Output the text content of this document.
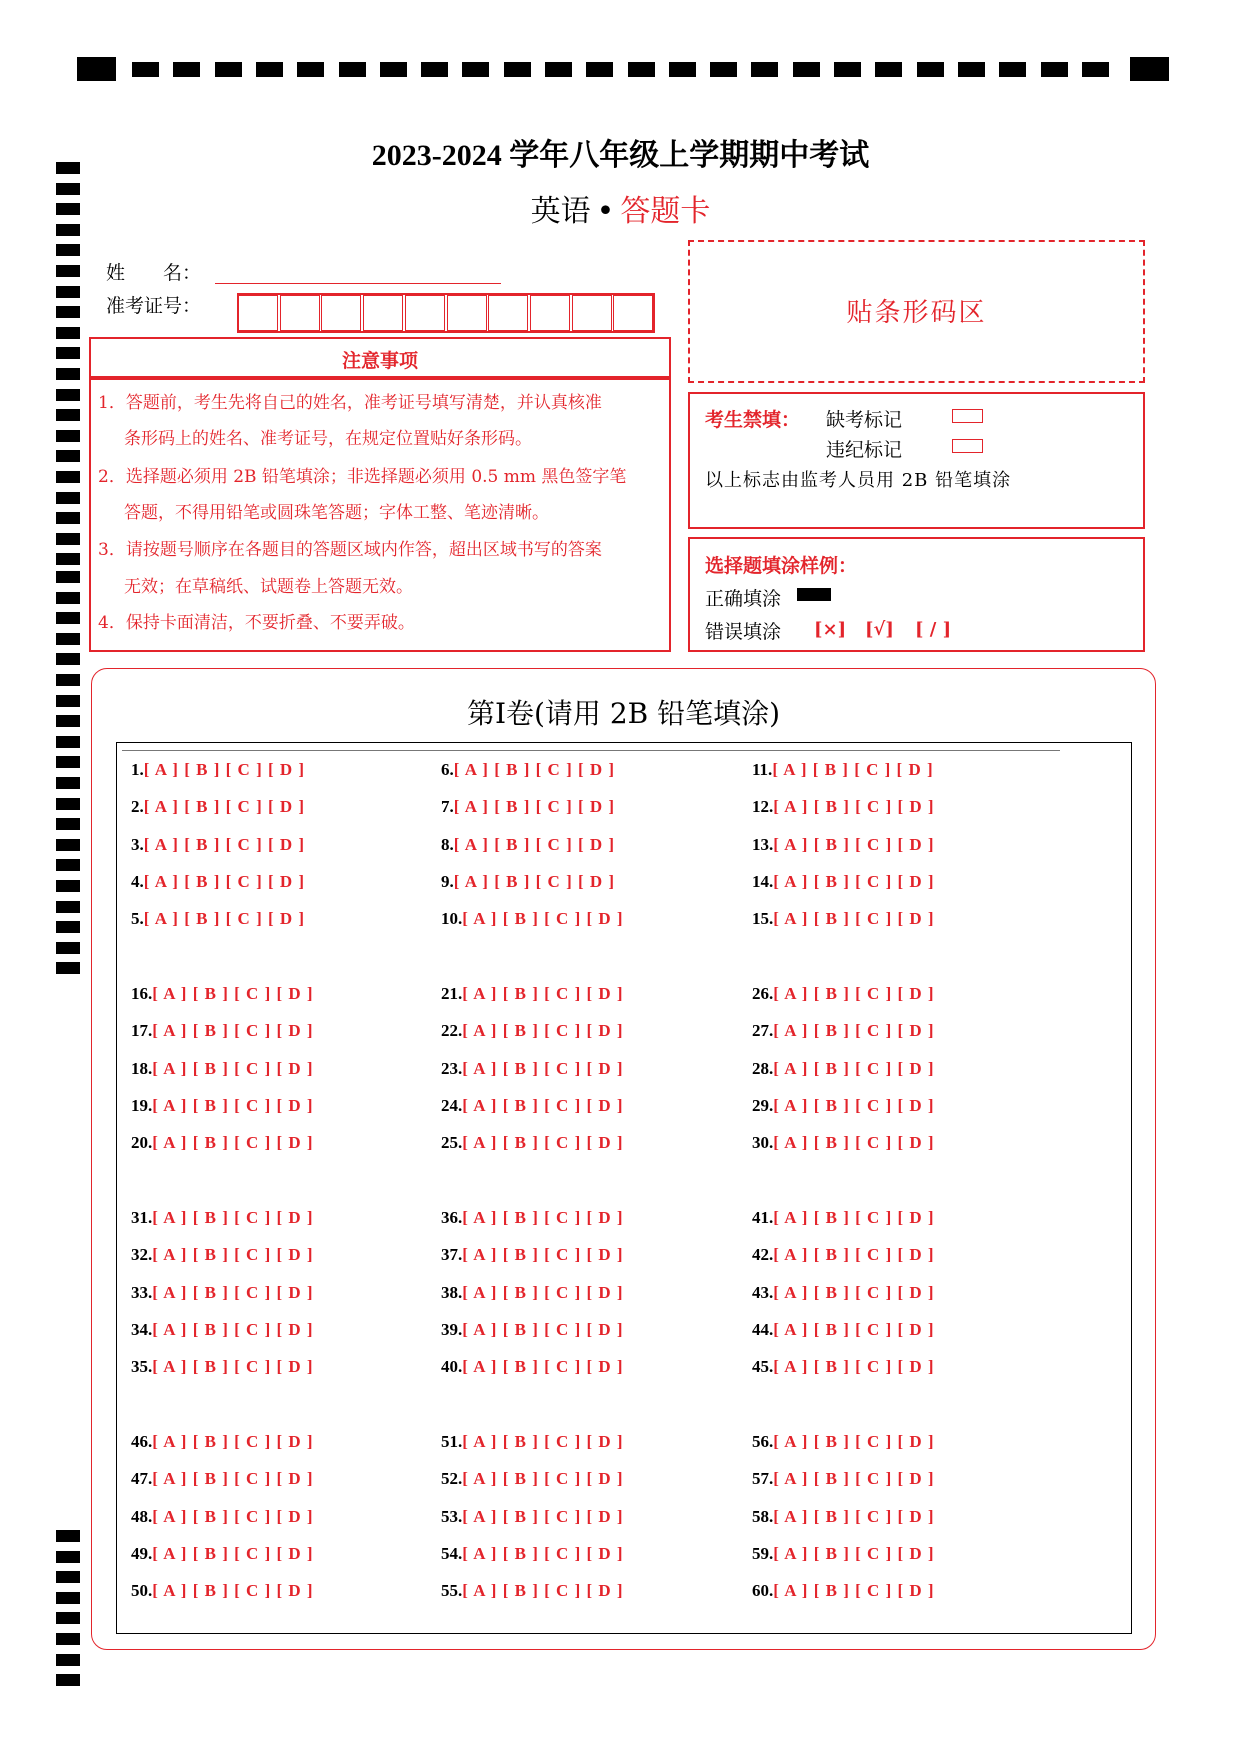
2023-2024 学年八年级上学期期中考试
英语 • 答题卡
姓　　名：
准考证号：
注意事项
1．答题前，考生先将自己的姓名，准考证号填写清楚，并认真核准
条形码上的姓名、准考证号，在规定位置贴好条形码。
2．选择题必须用 2B 铅笔填涂；非选择题必须用 0.5 mm 黑色签字笔
答题，不得用铅笔或圆珠笔答题；字体工整、笔迹清晰。
3．请按题号顺序在各题目的答题区域内作答，超出区域书写的答案
无效；在草稿纸、试题卷上答题无效。
4．保持卡面清洁，不要折叠、不要弄破。
贴条形码区
考生禁填： 缺考标记
违纪标记
以上标志由监考人员用 2B 铅笔填涂
选择题填涂样例：
正确填涂
错误填涂 [×] [√] [ / ]
第Ⅰ卷(请用 2B 铅笔填涂)
1.[ A ] [ B ] [ C ] [ D ]
2.[ A ] [ B ] [ C ] [ D ]
3.[ A ] [ B ] [ C ] [ D ]
4.[ A ] [ B ] [ C ] [ D ]
5.[ A ] [ B ] [ C ] [ D ]
6.[ A ] [ B ] [ C ] [ D ]
7.[ A ] [ B ] [ C ] [ D ]
8.[ A ] [ B ] [ C ] [ D ]
9.[ A ] [ B ] [ C ] [ D ]
10.[ A ] [ B ] [ C ] [ D ]
11.[ A ] [ B ] [ C ] [ D ]
12.[ A ] [ B ] [ C ] [ D ]
13.[ A ] [ B ] [ C ] [ D ]
14.[ A ] [ B ] [ C ] [ D ]
15.[ A ] [ B ] [ C ] [ D ]
16.[ A ] [ B ] [ C ] [ D ]
17.[ A ] [ B ] [ C ] [ D ]
18.[ A ] [ B ] [ C ] [ D ]
19.[ A ] [ B ] [ C ] [ D ]
20.[ A ] [ B ] [ C ] [ D ]
21.[ A ] [ B ] [ C ] [ D ]
22.[ A ] [ B ] [ C ] [ D ]
23.[ A ] [ B ] [ C ] [ D ]
24.[ A ] [ B ] [ C ] [ D ]
25.[ A ] [ B ] [ C ] [ D ]
26.[ A ] [ B ] [ C ] [ D ]
27.[ A ] [ B ] [ C ] [ D ]
28.[ A ] [ B ] [ C ] [ D ]
29.[ A ] [ B ] [ C ] [ D ]
30.[ A ] [ B ] [ C ] [ D ]
31.[ A ] [ B ] [ C ] [ D ]
32.[ A ] [ B ] [ C ] [ D ]
33.[ A ] [ B ] [ C ] [ D ]
34.[ A ] [ B ] [ C ] [ D ]
35.[ A ] [ B ] [ C ] [ D ]
36.[ A ] [ B ] [ C ] [ D ]
37.[ A ] [ B ] [ C ] [ D ]
38.[ A ] [ B ] [ C ] [ D ]
39.[ A ] [ B ] [ C ] [ D ]
40.[ A ] [ B ] [ C ] [ D ]
41.[ A ] [ B ] [ C ] [ D ]
42.[ A ] [ B ] [ C ] [ D ]
43.[ A ] [ B ] [ C ] [ D ]
44.[ A ] [ B ] [ C ] [ D ]
45.[ A ] [ B ] [ C ] [ D ]
46.[ A ] [ B ] [ C ] [ D ]
47.[ A ] [ B ] [ C ] [ D ]
48.[ A ] [ B ] [ C ] [ D ]
49.[ A ] [ B ] [ C ] [ D ]
50.[ A ] [ B ] [ C ] [ D ]
51.[ A ] [ B ] [ C ] [ D ]
52.[ A ] [ B ] [ C ] [ D ]
53.[ A ] [ B ] [ C ] [ D ]
54.[ A ] [ B ] [ C ] [ D ]
55.[ A ] [ B ] [ C ] [ D ]
56.[ A ] [ B ] [ C ] [ D ]
57.[ A ] [ B ] [ C ] [ D ]
58.[ A ] [ B ] [ C ] [ D ]
59.[ A ] [ B ] [ C ] [ D ]
60.[ A ] [ B ] [ C ] [ D ]
